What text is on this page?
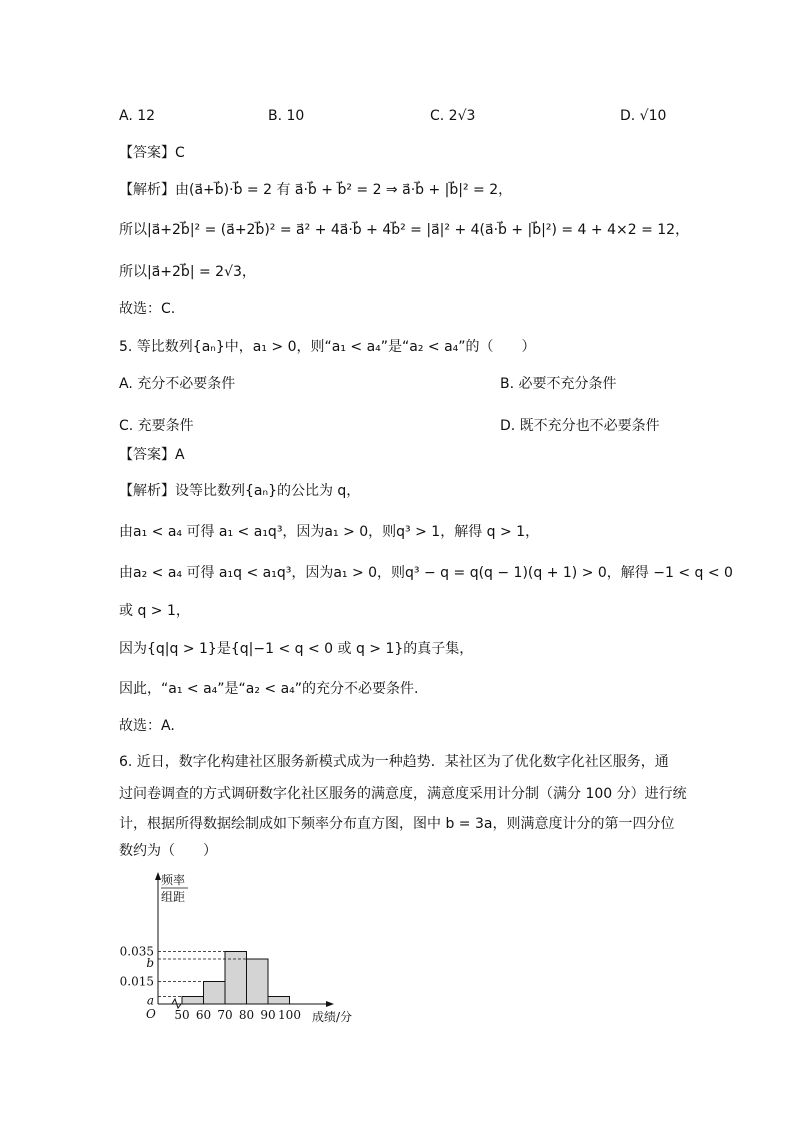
A. 12	B. 10	C. 2√3	D. √10
【答案】C
【解析】由(a⃗+b⃗)·b⃗ = 2 有 a⃗·b⃗ + b⃗² = 2 ⇒ a⃗·b⃗ + |b⃗|² = 2，
所以|a⃗+2b⃗|² = (a⃗+2b⃗)² = a⃗² + 4a⃗·b⃗ + 4b⃗² = |a⃗|² + 4(a⃗·b⃗ + |b⃗|²) = 4 + 4×2 = 12，
所以|a⃗+2b⃗| = 2√3，
故选：C.
5. 等比数列{aₙ}中，a₁ > 0，则“a₁ < a₄”是“a₂ < a₄”的（　　）
A. 充分不必要条件	B. 必要不充分条件
C. 充要条件	D. 既不充分也不必要条件
【答案】A
【解析】设等比数列{aₙ}的公比为 q，
由a₁ < a₄ 可得 a₁ < a₁q³，因为a₁ > 0，则q³ > 1，解得 q > 1，
由a₂ < a₄ 可得 a₁q < a₁q³，因为a₁ > 0，则q³ − q = q(q − 1)(q + 1) > 0，解得 −1 < q < 0
或 q > 1，
因为{q|q > 1}是{q|−1 < q < 0 或 q > 1}的真子集，
因此，“a₁ < a₄”是“a₂ < a₄”的充分不必要条件.
故选：A.
6. 近日，数字化构建社区服务新模式成为一种趋势．某社区为了优化数字化社区服务，通
过问卷调查的方式调研数字化社区服务的满意度，满意度采用计分制（满分 100 分）进行统
计，根据所得数据绘制成如下频率分布直方图，图中 b = 3a，则满意度计分的第一四分位
数约为（　　）
0.035
b
0.015
a
50 60 70 80 90 100
O
频率
组距
成绩/分
